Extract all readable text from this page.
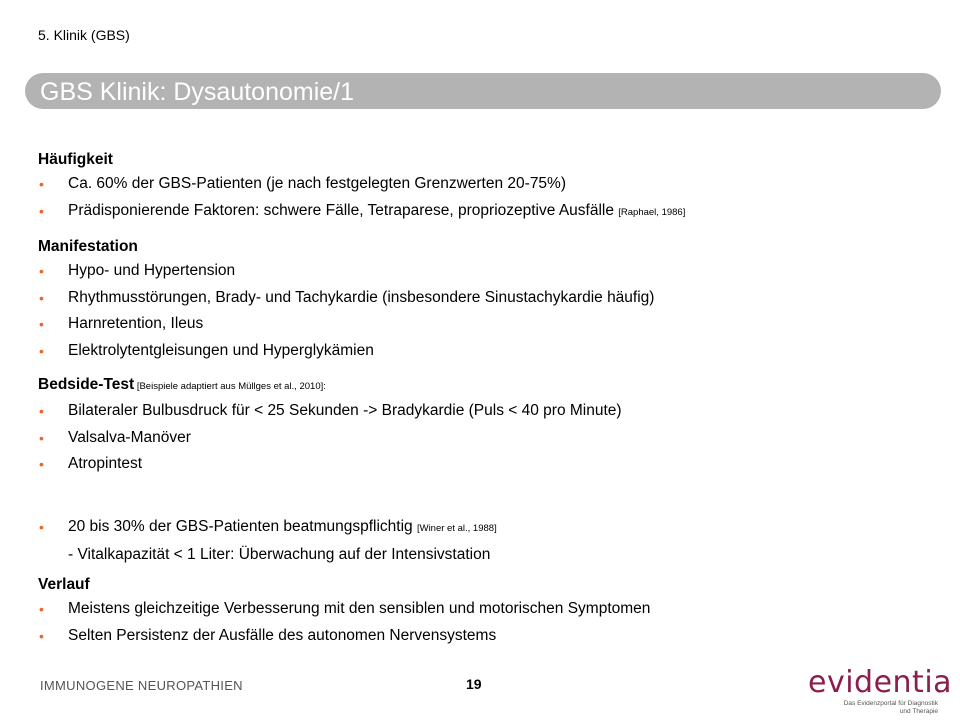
5. Klinik (GBS)
GBS Klinik: Dysautonomie/1
Häufigkeit
• Ca. 60% der GBS-Patienten (je nach festgelegten Grenzwerten 20-75%)
• Prädisponierende Faktoren: schwere Fälle, Tetraparese, propriozeptive Ausfälle [Raphael, 1986]
Manifestation
• Hypo- und Hypertension
• Rhythmusstörungen, Brady- und Tachykardie (insbesondere Sinustachykardie häufig)
• Harnretention, Ileus
• Elektrolytentgleisungen und Hyperglykämien
Bedside-Test [Beispiele adaptiert aus Müllges et al., 2010]:
• Bilateraler Bulbusdruck für < 25 Sekunden -> Bradykardie (Puls < 40 pro Minute)
• Valsalva-Manöver
• Atropintest
• 20 bis 30% der GBS-Patienten beatmungspflichtig [Winer et al., 1988]
- Vitalkapazität < 1 Liter: Überwachung auf der Intensivstation
Verlauf
• Meistens gleichzeitige Verbesserung mit den sensiblen und motorischen Symptomen
• Selten Persistenz der Ausfälle des autonomen Nervensystems
IMMUNOGENE NEUROPATHIEN	19	evidentia
Das Evidenzportal für Diagnostik
und Therapie
